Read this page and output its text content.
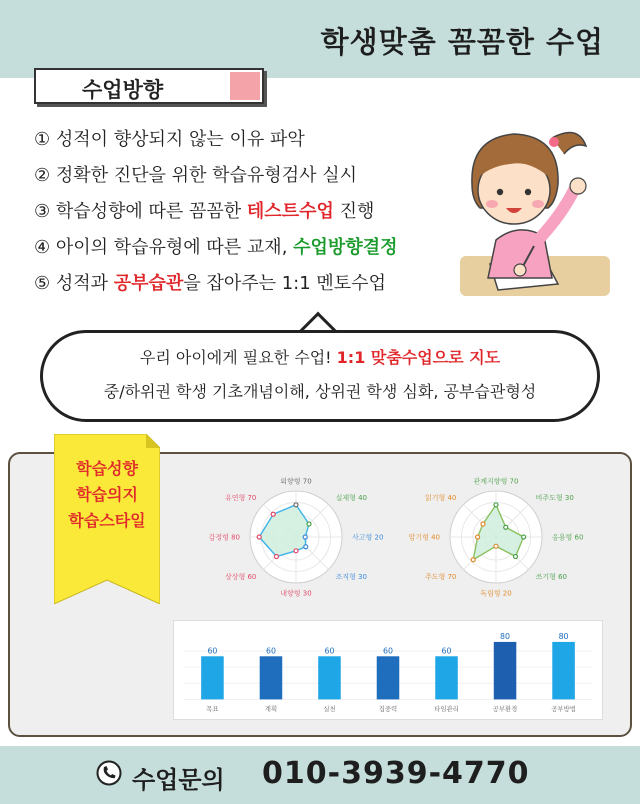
학생맞춤 꼼꼼한 수업
수업방향
① 성적이 향상되지 않는 이유 파악
② 정확한 진단을 위한 학습유형검사 실시
③ 학습성향에 따른 꼼꼼한 테스트수업 진행
④ 아이의 학습유형에 따른 교재, 수업방향결정
⑤ 성적과 공부습관을 잡아주는 1:1 멘토수업
우리 아이에게 필요한 수업! 1:1 맞춤수업으로 지도
중/하위권 학생 기초개념이해, 상위권 학생 심화, 공부습관형성
학습성향
학습의지
학습스타일
외향형 70
실제형 40
사고형 20
조직형 30
내향형 30
상상형 60
감정형 80
유연형 70
관계지향형 70
비주도형 30
응용형 60
쓰기형 60
독립형 20
주도형 70
암기형 40
읽기형 40
60
목표
60
계획
60
실천
60
집중력
60
타임관리
80
공부환경
80
공부방법
수업문의 010-3939-4770
